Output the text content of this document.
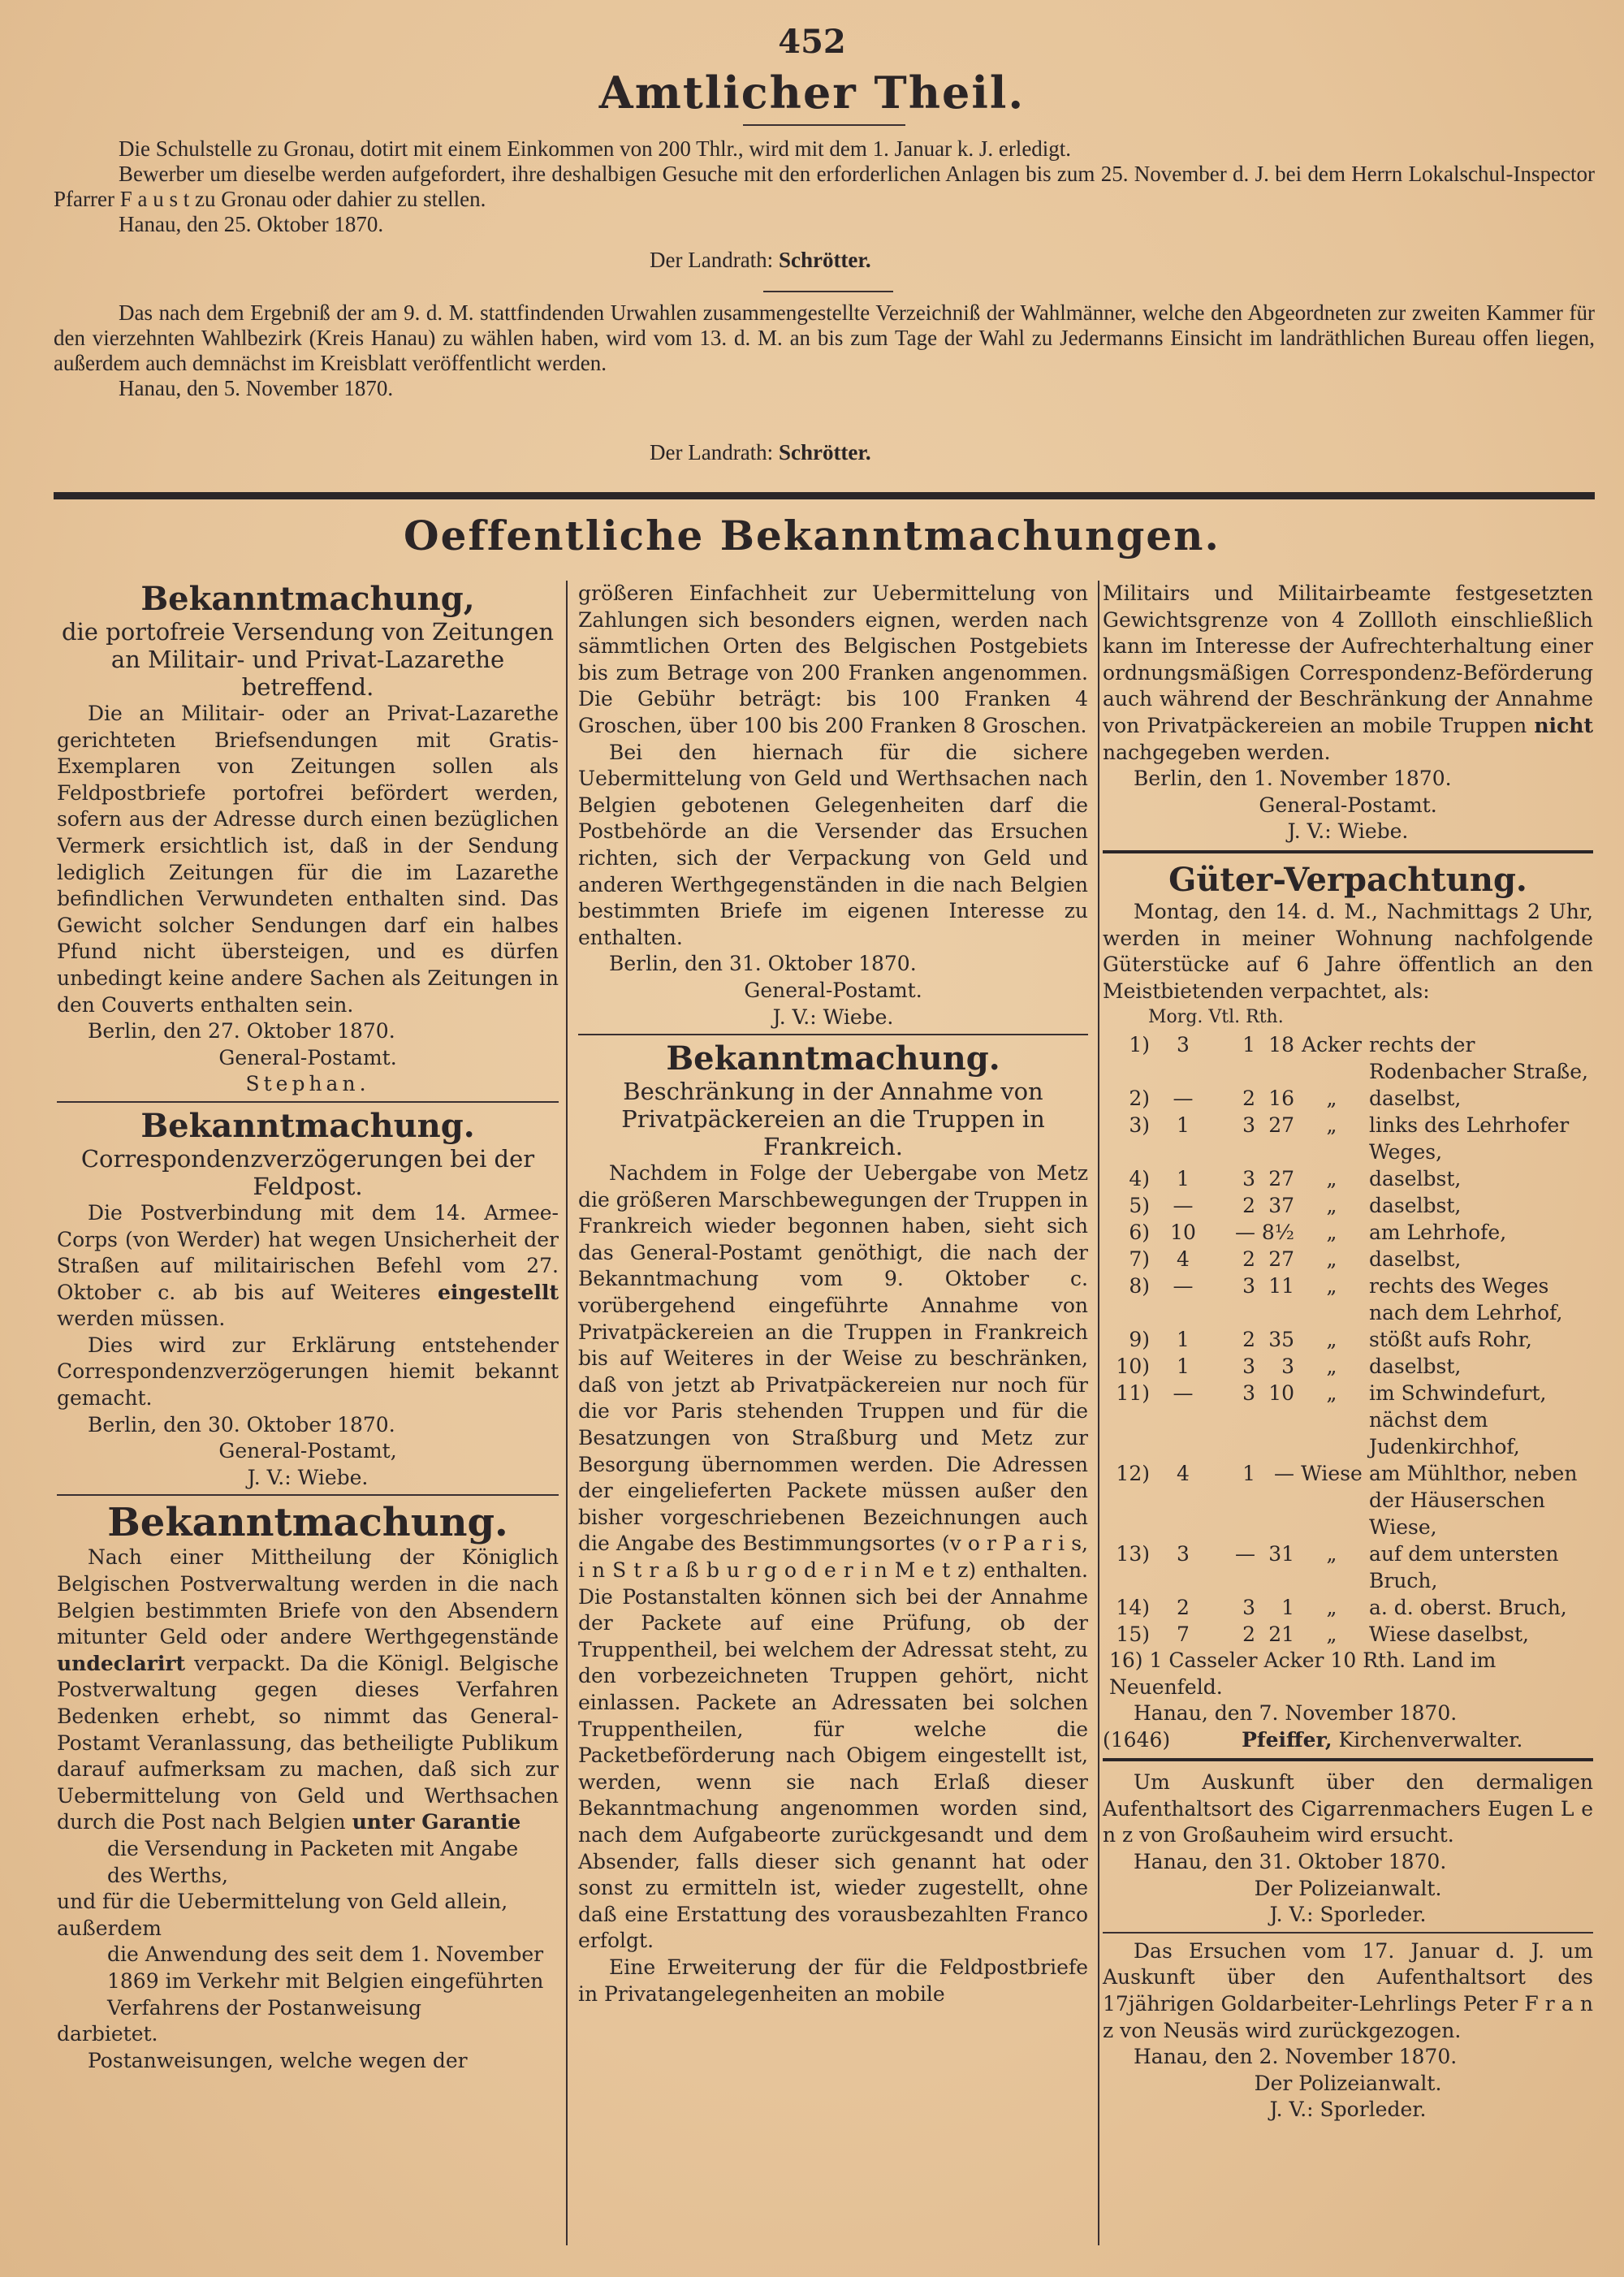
452
Amtlicher Theil.

Die Schulstelle zu Gronau, dotirt mit einem Einkommen von 200 Thlr., wird mit dem 1. Januar k. J. erledigt.

Bewerber um dieselbe werden aufgefordert, ihre deshalbigen Gesuche mit den erforderlichen Anlagen bis zum 25. November d. J. bei dem Herrn Lokalschul-Inspector Pfarrer F a u s t zu Gronau oder dahier zu stellen.

Hanau, den 25. Oktober 1870.

Der Landrath: Schrötter.

Das nach dem Ergebniß der am 9. d. M. stattfindenden Urwahlen zusammengestellte Verzeichniß der Wahlmänner, welche den Abgeordneten zur zweiten Kammer für den vierzehnten Wahlbezirk (Kreis Hanau) zu wählen haben, wird vom 13. d. M. an bis zum Tage der Wahl zu Jedermanns Einsicht im landräthlichen Bureau offen liegen, außerdem auch demnächst im Kreisblatt veröffentlicht werden.

Hanau, den 5. November 1870.

Der Landrath: Schrötter.
Oeffentliche Bekanntmachungen.
Bekanntmachung,
die portofreie Versendung von Zeitungen an Militair- und Privat-Lazarethe betreffend.
Die an Militair- oder an Privat-Lazarethe gerichteten Briefsendungen mit Gratis-Exemplaren von Zeitungen sollen als Feldpostbriefe portofrei befördert werden, sofern aus der Adresse durch einen bezüglichen Vermerk ersichtlich ist, daß in der Sendung lediglich Zeitungen für die im Lazarethe befindlichen Verwundeten enthalten sind. Das Gewicht solcher Sendungen darf ein halbes Pfund nicht übersteigen, und es dürfen unbedingt keine andere Sachen als Zeitungen in den Couverts enthalten sein.
Berlin, den 27. Oktober 1870.
General-Postamt.
Stephan.
Bekanntmachung.
Correspondenzverzögerungen bei der Feldpost.
Die Postverbindung mit dem 14. Armee-Corps (von Werder) hat wegen Unsicherheit der Straßen auf militairischen Befehl vom 27. Oktober c. ab bis auf Weiteres eingestellt werden müssen.
Dies wird zur Erklärung entstehender Correspondenzverzögerungen hiemit bekannt gemacht.
Berlin, den 30. Oktober 1870.
General-Postamt,
J. V.: Wiebe.
Bekanntmachung.
Nach einer Mittheilung der Königlich Belgischen Postverwaltung werden in die nach Belgien bestimmten Briefe von den Absendern mitunter Geld oder andere Werthgegenstände undeclarirt verpackt. Da die Königl. Belgische Postverwaltung gegen dieses Verfahren Bedenken erhebt, so nimmt das General-Postamt Veranlassung, das betheiligte Publikum darauf aufmerksam zu machen, daß sich zur Uebermittelung von Geld und Werthsachen durch die Post nach Belgien unter Garantie
die Versendung in Packeten mit Angabe des Werths,
und für die Uebermittelung von Geld allein, außerdem
die Anwendung des seit dem 1. November 1869 im Verkehr mit Belgien eingeführten Verfahrens der Postanweisung
darbietet.
Postanweisungen, welche wegen der
größeren Einfachheit zur Uebermittelung von Zahlungen sich besonders eignen, werden nach sämmtlichen Orten des Belgischen Postgebiets bis zum Betrage von 200 Franken angenommen. Die Gebühr beträgt: bis 100 Franken 4 Groschen, über 100 bis 200 Franken 8 Groschen.
Bei den hiernach für die sichere Uebermittelung von Geld und Werthsachen nach Belgien gebotenen Gelegenheiten darf die Postbehörde an die Versender das Ersuchen richten, sich der Verpackung von Geld und anderen Werthgegenständen in die nach Belgien bestimmten Briefe im eigenen Interesse zu enthalten.
Berlin, den 31. Oktober 1870.
General-Postamt.
J. V.: Wiebe.
Bekanntmachung.
Beschränkung in der Annahme von Privatpäckereien an die Truppen in Frankreich.
Nachdem in Folge der Uebergabe von Metz die größeren Marschbewegungen der Truppen in Frankreich wieder begonnen haben, sieht sich das General-Postamt genöthigt, die nach der Bekanntmachung vom 9. Oktober c. vorübergehend eingeführte Annahme von Privatpäckereien an die Truppen in Frankreich bis auf Weiteres in der Weise zu beschränken, daß von jetzt ab Privatpäckereien nur noch für die vor Paris stehenden Truppen und für die Besatzungen von Straßburg und Metz zur Besorgung übernommen werden. Die Adressen der eingelieferten Packete müssen außer den bisher vorgeschriebenen Bezeichnungen auch die Angabe des Bestimmungsortes (v o r P a r i s, i n S t r a ß b u r g o d e r i n M e t z) enthalten. Die Postanstalten können sich bei der Annahme der Packete auf eine Prüfung, ob der Truppentheil, bei welchem der Adressat steht, zu den vorbezeichneten Truppen gehört, nicht einlassen. Packete an Adressaten bei solchen Truppentheilen, für welche die Packetbeförderung nach Obigem eingestellt ist, werden, wenn sie nach Erlaß dieser Bekanntmachung angenommen worden sind, nach dem Aufgabeorte zurückgesandt und dem Absender, falls dieser sich genannt hat oder sonst zu ermitteln ist, wieder zugestellt, ohne daß eine Erstattung des vorausbezahlten Franco erfolgt.
Eine Erweiterung der für die Feldpostbriefe in Privatangelegenheiten an mobile
Militairs und Militairbeamte festgesetzten Gewichtsgrenze von 4 Zollloth einschließlich kann im Interesse der Aufrechterhaltung einer ordnungsmäßigen Correspondenz-Beförderung auch während der Beschränkung der Annahme von Privatpäckereien an mobile Truppen nicht nachgegeben werden.
Berlin, den 1. November 1870.
General-Postamt.
J. V.: Wiebe.
Güter-Verpachtung.
Montag, den 14. d. M., Nachmittags 2 Uhr, werden in meiner Wohnung nachfolgende Güterstücke auf 6 Jahre öffentlich an den Meistbietenden verpachtet, als:
Morg. Vtl. Rth.
1)	3	1	18	Acker	rechts der Rodenbacher Straße,
2)	—	2	16	„	daselbst,
3)	1	3	27	„	links des Lehrhofer Weges,
4)	1	3	27	„	daselbst,
5)	—	2	37	„	daselbst,
6)	10	—	8½	„	am Lehrhofe,
7)	4	2	27	„	daselbst,
8)	—	3	11	„	rechts des Weges nach dem Lehrhof,
9)	1	2	35	„	stößt aufs Rohr,
10)	1	3	3	„	daselbst,
11)	—	3	10	„	im Schwindefurt, nächst dem Judenkirchhof,
12)	4	1	—	Wiese	am Mühlthor, neben der Häuserschen Wiese,
13)	3	—	31	„	auf dem untersten Bruch,
14)	2	3	1	„	a. d. oberst. Bruch,
15)	7	2	21	„	Wiese daselbst,
16) 1 Casseler Acker 10 Rth. Land im Neuenfeld.
Hanau, den 7. November 1870.
(1646)	Pfeiffer, Kirchenverwalter.
Um Auskunft über den dermaligen Aufenthaltsort des Cigarrenmachers Eugen L e n z von Großauheim wird ersucht.
Hanau, den 31. Oktober 1870.
Der Polizeianwalt.
J. V.: Sporleder.
Das Ersuchen vom 17. Januar d. J. um Auskunft über den Aufenthaltsort des 17jährigen Goldarbeiter-Lehrlings Peter F r a n z von Neusäs wird zurückgezogen.
Hanau, den 2. November 1870.
Der Polizeianwalt.
J. V.: Sporleder.
